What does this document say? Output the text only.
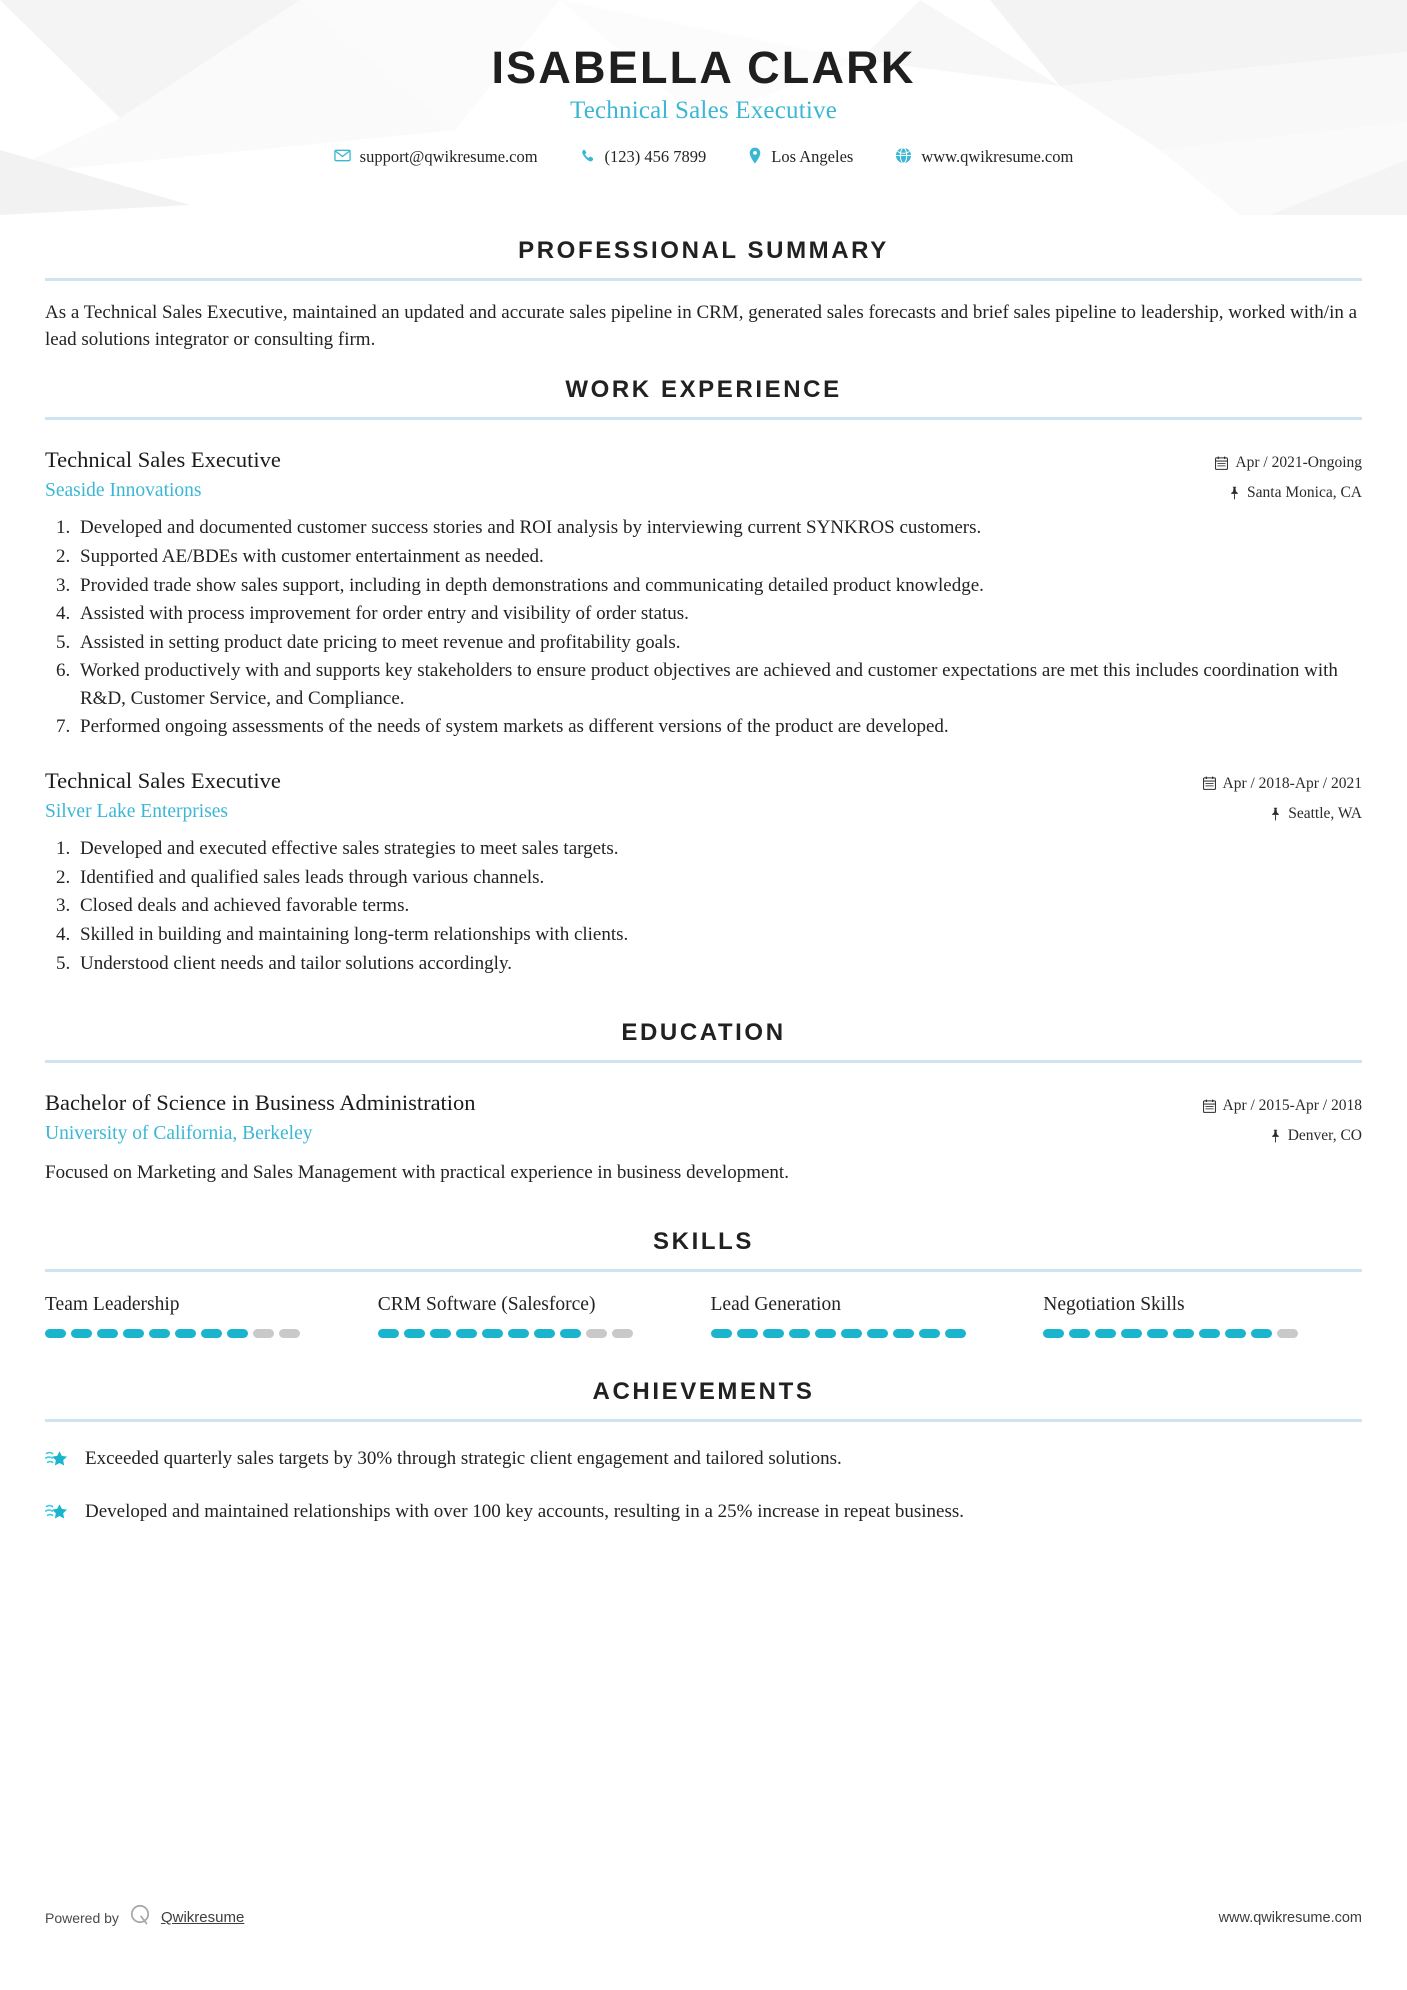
ISABELLA CLARK
Technical Sales Executive
support@qwikresume.com	(123) 456 7899	Los Angeles	www.qwikresume.com
PROFESSIONAL SUMMARY

As a Technical Sales Executive, maintained an updated and accurate sales pipeline in CRM, generated sales forecasts and brief sales pipeline to leadership, worked with/in a lead solutions integrator or consulting firm.

WORK EXPERIENCE
Technical Sales Executive
Seaside Innovations
Apr / 2021-Ongoing
Santa Monica, CA
1. Developed and documented customer success stories and ROI analysis by interviewing current SYNKROS customers.
2. Supported AE/BDEs with customer entertainment as needed.
3. Provided trade show sales support, including in depth demonstrations and communicating detailed product knowledge.
4. Assisted with process improvement for order entry and visibility of order status.
5. Assisted in setting product date pricing to meet revenue and profitability goals.
6. Worked productively with and supports key stakeholders to ensure product objectives are achieved and customer expectations are met this includes coordination with R&D, Customer Service, and Compliance.
7. Performed ongoing assessments of the needs of system markets as different versions of the product are developed.
Technical Sales Executive
Silver Lake Enterprises
Apr / 2018-Apr / 2021
Seattle, WA
1. Developed and executed effective sales strategies to meet sales targets.
2. Identified and qualified sales leads through various channels.
3. Closed deals and achieved favorable terms.
4. Skilled in building and maintaining long-term relationships with clients.
5. Understood client needs and tailor solutions accordingly.
EDUCATION
Bachelor of Science in Business Administration
University of California, Berkeley
Apr / 2015-Apr / 2018
Denver, CO
Focused on Marketing and Sales Management with practical experience in business development.
SKILLS
Team Leadership	CRM Software (Salesforce)	Lead Generation	Negotiation Skills
ACHIEVEMENTS
Exceeded quarterly sales targets by 30% through strategic client engagement and tailored solutions.
Developed and maintained relationships with over 100 key accounts, resulting in a 25% increase in repeat business.
Powered by	Qwikresume	www.qwikresume.com
